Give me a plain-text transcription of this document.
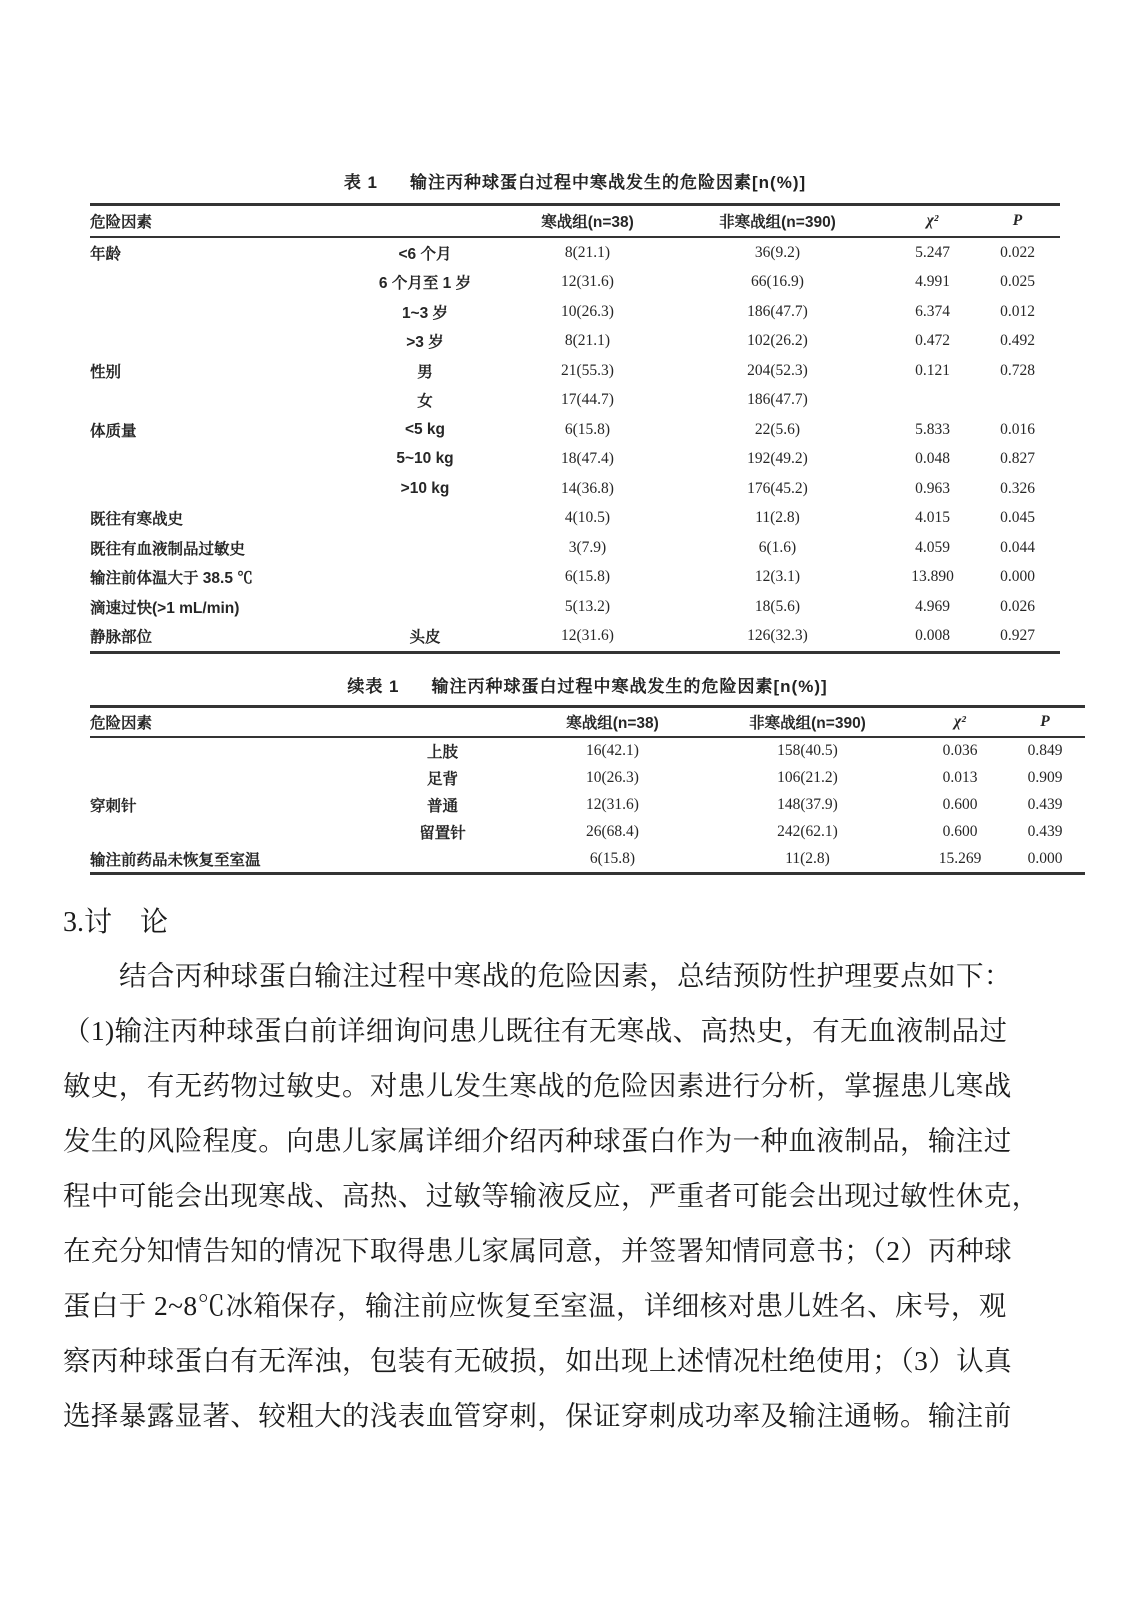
表 1 输注丙种球蛋白过程中寒战发生的危险因素[n(%)]
危险因素		寒战组(n=38)	非寒战组(n=390)	χ²	P
年龄	<6 个月	8(21.1)	36(9.2)	5.247	0.022
	6 个月至 1 岁	12(31.6)	66(16.9)	4.991	0.025
	1~3 岁	10(26.3)	186(47.7)	6.374	0.012
	>3 岁	8(21.1)	102(26.2)	0.472	0.492
性别	男	21(55.3)	204(52.3)	0.121	0.728
	女	17(44.7)	186(47.7)		
体质量	<5 kg	6(15.8)	22(5.6)	5.833	0.016
	5~10 kg	18(47.4)	192(49.2)	0.048	0.827
	>10 kg	14(36.8)	176(45.2)	0.963	0.326
既往有寒战史		4(10.5)	11(2.8)	4.015	0.045
既往有血液制品过敏史		3(7.9)	6(1.6)	4.059	0.044
输注前体温大于 38.5 ℃		6(15.8)	12(3.1)	13.890	0.000
滴速过快(>1 mL/min)		5(13.2)	18(5.6)	4.969	0.026
静脉部位	头皮	12(31.6)	126(32.3)	0.008	0.927
续表 1 输注丙种球蛋白过程中寒战发生的危险因素[n(%)]
危险因素		寒战组(n=38)	非寒战组(n=390)	χ²	P
	上肢	16(42.1)	158(40.5)	0.036	0.849
	足背	10(26.3)	106(21.2)	0.013	0.909
穿刺针	普通	12(31.6)	148(37.9)	0.600	0.439
	留置针	26(68.4)	242(62.1)	0.600	0.439
输注前药品未恢复至室温		6(15.8)	11(2.8)	15.269	0.000
3.讨　论
结合丙种球蛋白输注过程中寒战的危险因素，总结预防性护理要点如下：
（1)输注丙种球蛋白前详细询问患儿既往有无寒战、高热史，有无血液制品过
敏史，有无药物过敏史。对患儿发生寒战的危险因素进行分析，掌握患儿寒战
发生的风险程度。向患儿家属详细介绍丙种球蛋白作为一种血液制品，输注过
程中可能会出现寒战、高热、过敏等输液反应，严重者可能会出现过敏性休克，
在充分知情告知的情况下取得患儿家属同意，并签署知情同意书；（2）丙种球
蛋白于 2~8℃冰箱保存，输注前应恢复至室温，详细核对患儿姓名、床号，观
察丙种球蛋白有无浑浊，包装有无破损，如出现上述情况杜绝使用；（3）认真
选择暴露显著、较粗大的浅表血管穿刺，保证穿刺成功率及输注通畅。输注前
